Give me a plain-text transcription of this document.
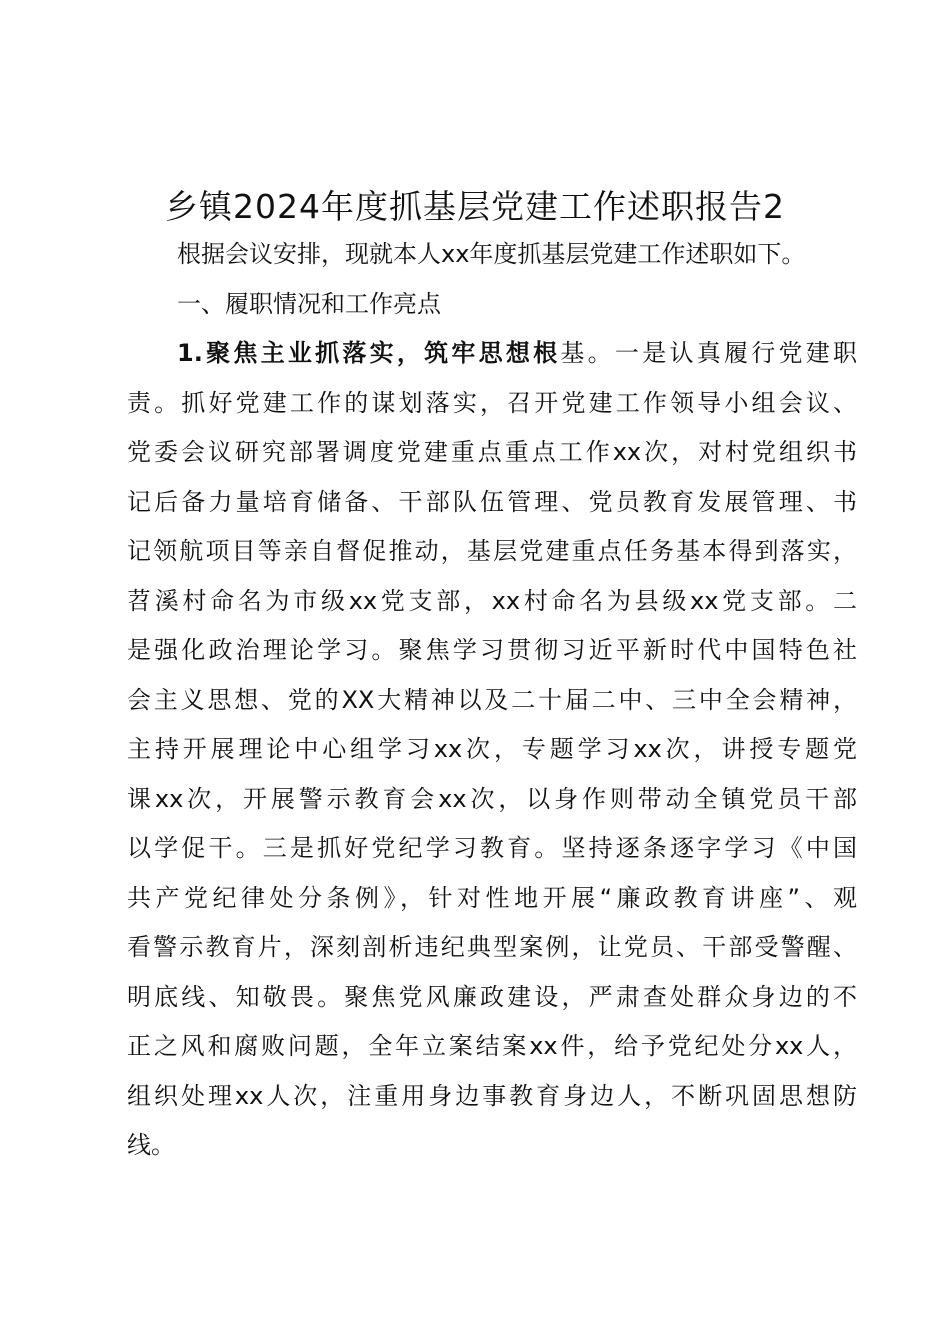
乡镇2024年度抓基层党建工作述职报告2
根据会议安排，现就本人xx年度抓基层党建工作述职如下。
一、履职情况和工作亮点
1.聚焦主业抓落实，筑牢思想根基。一是认真履行党建职
责。抓好党建工作的谋划落实，召开党建工作领导小组会议、
党委会议研究部署调度党建重点重点工作xx次，对村党组织书
记后备力量培育储备、干部队伍管理、党员教育发展管理、书
记领航项目等亲自督促推动，基层党建重点任务基本得到落实，
苕溪村命名为市级xx党支部，xx村命名为县级xx党支部。二
是强化政治理论学习。聚焦学习贯彻习近平新时代中国特色社
会主义思想、党的XX大精神以及二十届二中、三中全会精神，
主持开展理论中心组学习xx次，专题学习xx次，讲授专题党
课xx次，开展警示教育会xx次，以身作则带动全镇党员干部
以学促干。三是抓好党纪学习教育。坚持逐条逐字学习《中国
共产党纪律处分条例》，针对性地开展“廉政教育讲座”、观
看警示教育片，深刻剖析违纪典型案例，让党员、干部受警醒、
明底线、知敬畏。聚焦党风廉政建设，严肃查处群众身边的不
正之风和腐败问题，全年立案结案xx件，给予党纪处分xx人，
组织处理xx人次，注重用身边事教育身边人，不断巩固思想防
线。
